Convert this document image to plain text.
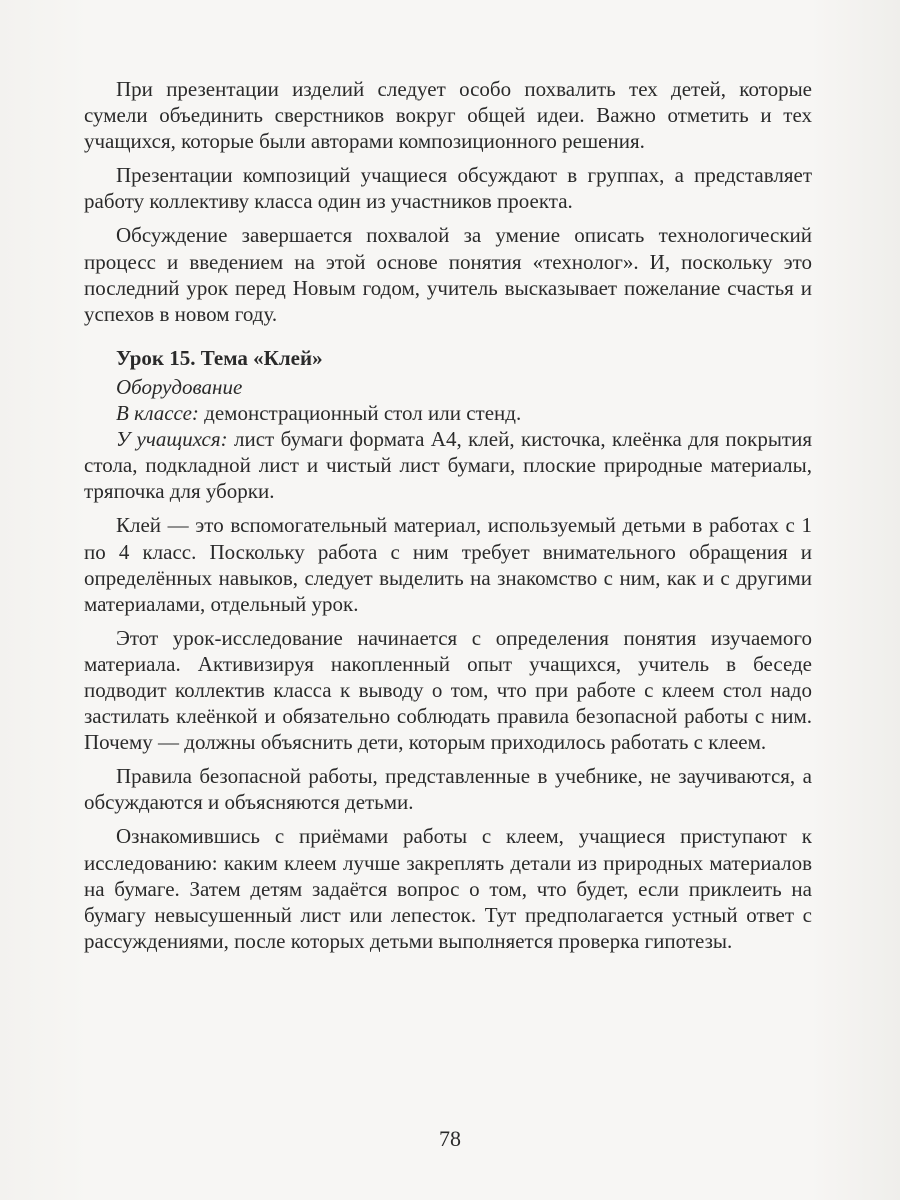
При презентации изделий следует особо похвалить тех детей, которые сумели объединить сверстников вокруг общей идеи. Важно отметить и тех учащихся, которые были авторами композиционного решения.

Презентации композиций учащиеся обсуждают в группах, а представляет работу коллективу класса один из участников проекта.

Обсуждение завершается похвалой за умение описать технологический процесс и введением на этой основе понятия «технолог». И, поскольку это последний урок перед Новым годом, учитель высказывает пожелание счастья и успехов в новом году.

Урок 15. Тема «Клей»
Оборудование

В классе: демонстрационный стол или стенд.

У учащихся: лист бумаги формата А4, клей, кисточка, клеёнка для покрытия стола, подкладной лист и чистый лист бумаги, плоские природные материалы, тряпочка для уборки.

Клей — это вспомогательный материал, используемый детьми в работах с 1 по 4 класс. Поскольку работа с ним требует внимательного обращения и определённых навыков, следует выделить на знакомство с ним, как и с другими материалами, отдельный урок.

Этот урок-исследование начинается с определения понятия изучаемого материала. Активизируя накопленный опыт учащихся, учитель в беседе подводит коллектив класса к выводу о том, что при работе с клеем стол надо застилать клеёнкой и обязательно соблюдать правила безопасной работы с ним. Почему — должны объяснить дети, которым приходилось работать с клеем.

Правила безопасной работы, представленные в учебнике, не заучиваются, а обсуждаются и объясняются детьми.

Ознакомившись с приёмами работы с клеем, учащиеся приступают к исследованию: каким клеем лучше закреплять детали из природных материалов на бумаге. Затем детям задаётся вопрос о том, что будет, если приклеить на бумагу невысушенный лист или лепесток. Тут предполагается устный ответ с рассуждениями, после которых детьми выполняется проверка гипотезы.

78
